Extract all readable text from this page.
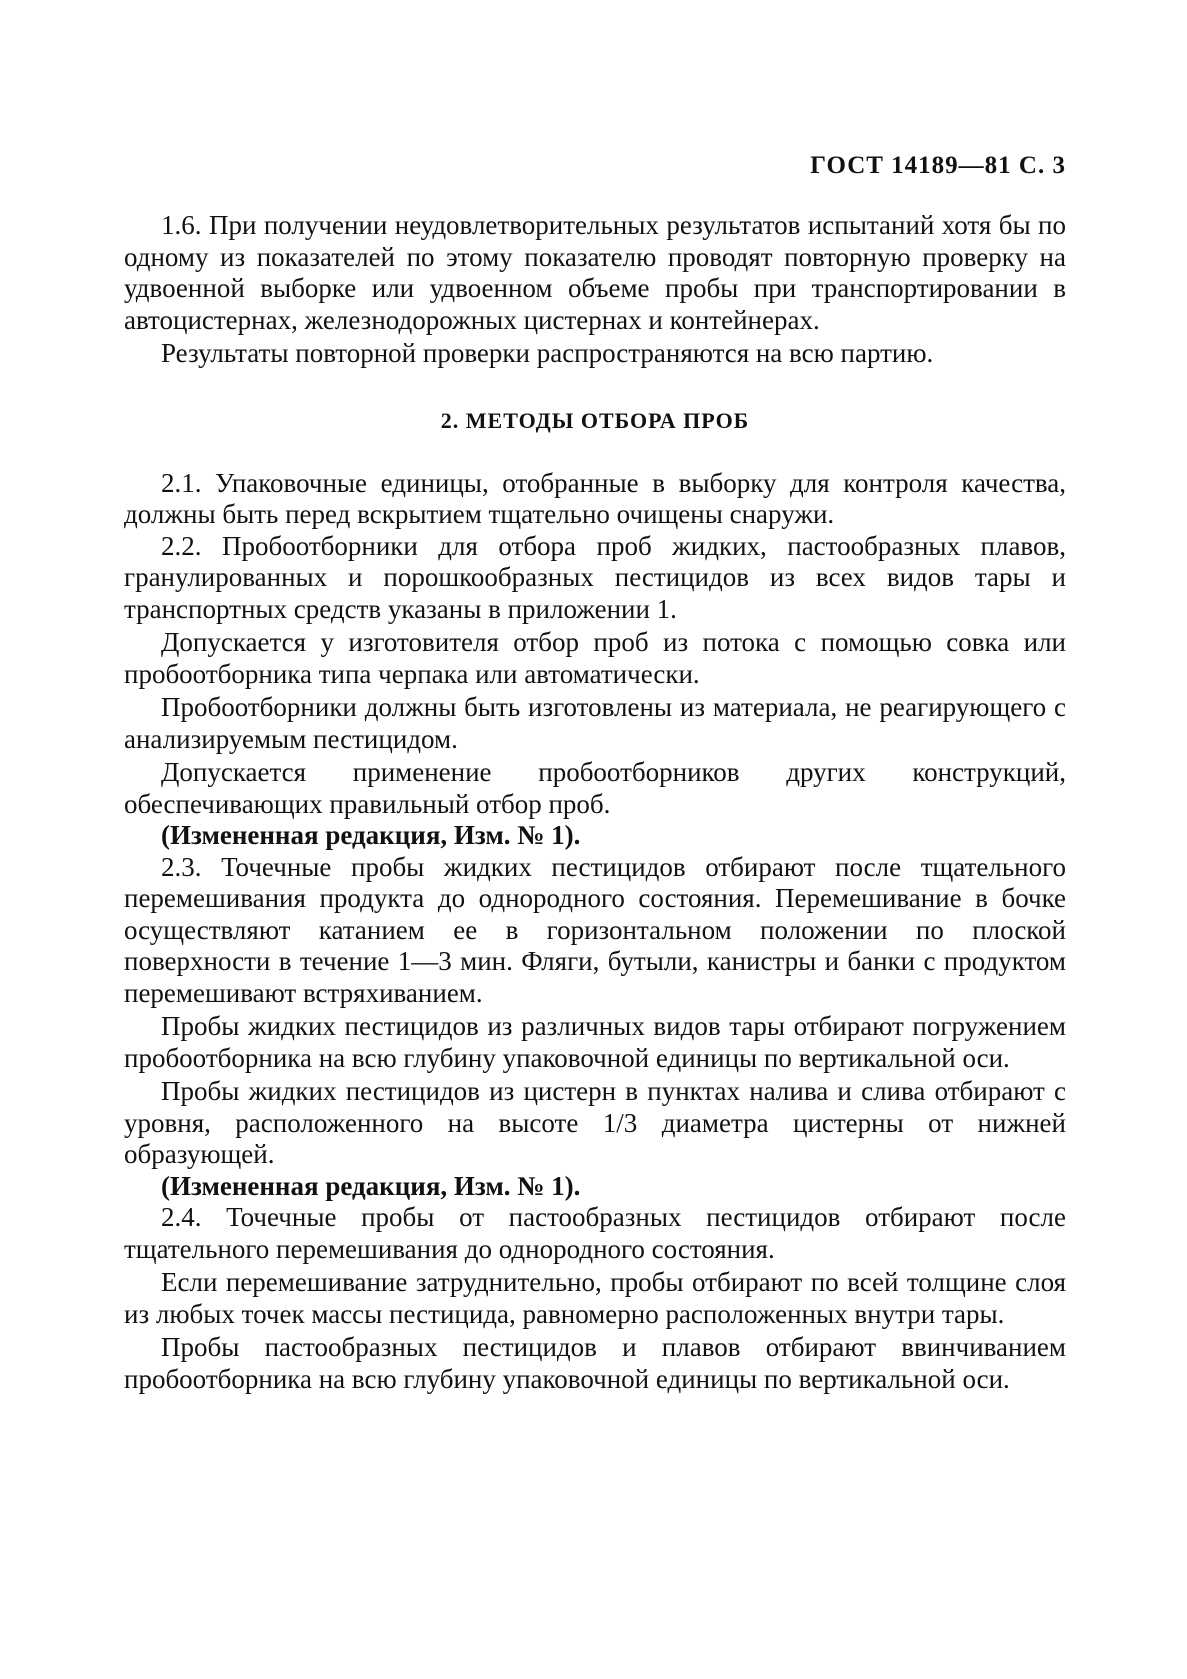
ГОСТ 14189—81 С. 3

1.6. При получении неудовлетворительных результатов испытаний хотя бы по одному из показателей по этому показателю проводят повторную проверку на удвоенной выборке или удвоенном объеме пробы при транспортировании в автоцистернах, железнодорожных цистернах и контейнерах.

Результаты повторной проверки распространяются на всю партию.

2. МЕТОДЫ ОТБОРА ПРОБ

2.1. Упаковочные единицы, отобранные в выборку для контроля качества, должны быть перед вскрытием тщательно очищены снаружи.

2.2. Пробоотборники для отбора проб жидких, пастообразных плавов, гранулированных и порошкообразных пестицидов из всех видов тары и транспортных средств указаны в приложении 1.

Допускается у изготовителя отбор проб из потока с помощью совка или пробоотборника типа черпака или автоматически.

Пробоотборники должны быть изготовлены из материала, не реагирующего с анализируемым пестицидом.

Допускается применение пробоотборников других конструкций, обеспечивающих правильный отбор проб.

(Измененная редакция, Изм. № 1).

2.3. Точечные пробы жидких пестицидов отбирают после тщательного перемешивания продукта до однородного состояния. Перемешивание в бочке осуществляют катанием ее в горизонтальном положении по плоской поверхности в течение 1—3 мин. Фляги, бутыли, канистры и банки с продуктом перемешивают встряхиванием.

Пробы жидких пестицидов из различных видов тары отбирают погружением пробоотборника на всю глубину упаковочной единицы по вертикальной оси.

Пробы жидких пестицидов из цистерн в пунктах налива и слива отбирают с уровня, расположенного на высоте 1/3 диаметра цистерны от нижней образующей.

(Измененная редакция, Изм. № 1).

2.4. Точечные пробы от пастообразных пестицидов отбирают после тщательного перемешивания до однородного состояния.

Если перемешивание затруднительно, пробы отбирают по всей толщине слоя из любых точек массы пестицида, равномерно расположенных внутри тары.

Пробы пастообразных пестицидов и плавов отбирают ввинчиванием пробоотборника на всю глубину упаковочной единицы по вертикальной оси.
